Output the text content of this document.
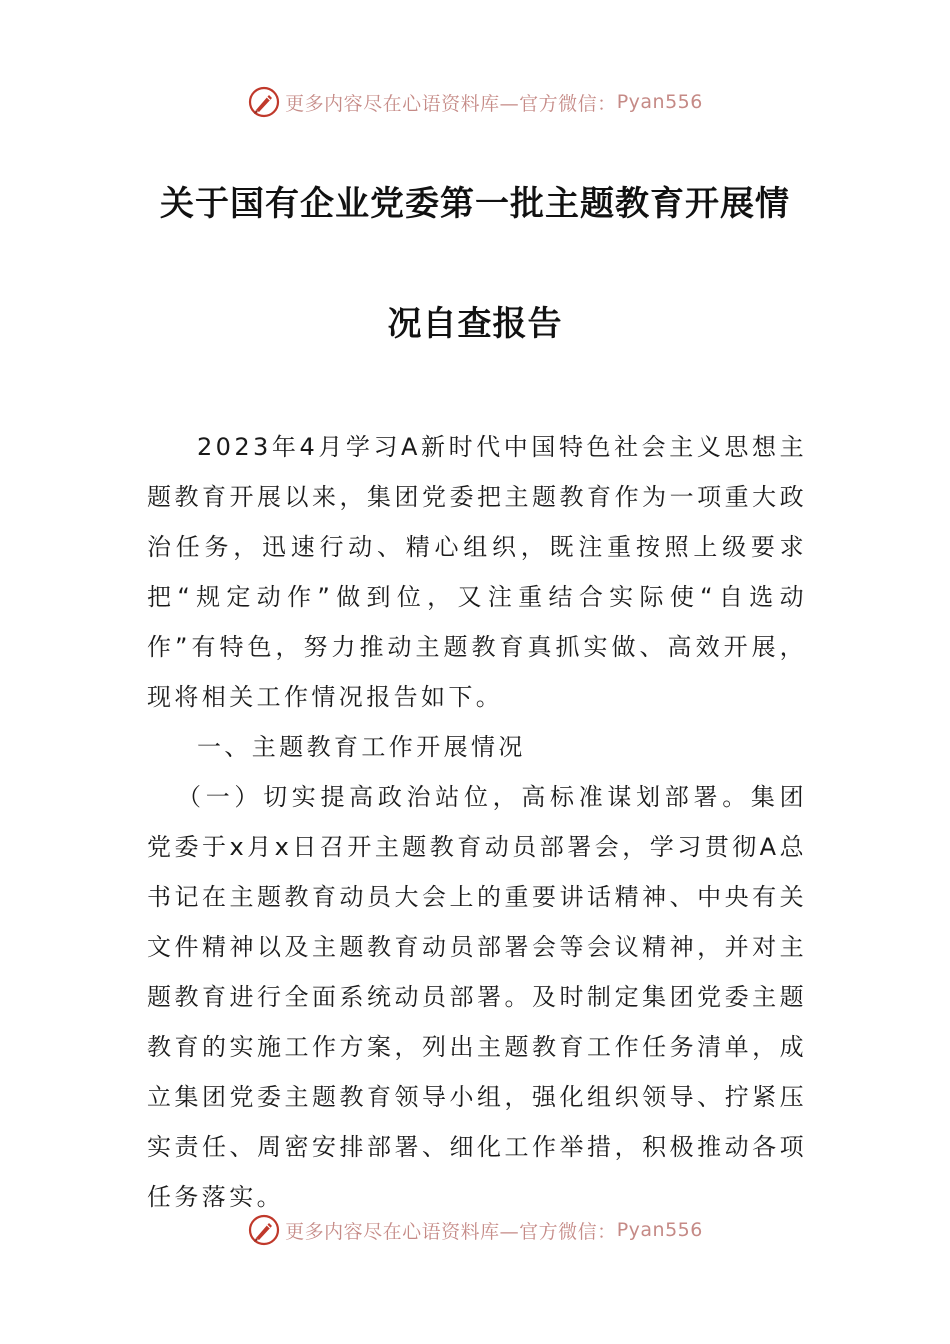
更多内容尽在心语资料库 —官方微信： Pyan556
关于国有企业党委第一批主题教育开展情
况自查报告

2023年4月学习A新时代中国特色社会主义思想主题教育开展以来，集团党委把主题教育作为一项重大政治任务，迅速行动、精心组织，既注重按照上级要求把“规定动作”做到位，又注重结合实际使“自选动作”有特色，努力推动主题教育真抓实做、高效开展，现将相关工作情况报告如下。

一、主题教育工作开展情况

（一）切实提高政治站位，高标准谋划部署。集团党委于x月x日召开主题教育动员部署会，学习贯彻A总书记在主题教育动员大会上的重要讲话精神、中央有关文件精神以及主题教育动员部署会等会议精神，并对主题教育进行全面系统动员部署。及时制定集团党委主题教育的实施工作方案，列出主题教育工作任务清单，成立集团党委主题教育领导小组，强化组织领导、拧紧压实责任、周密安排部署、细化工作举措，积极推动各项任务落实。

更多内容尽在心语资料库 —官方微信： Pyan556
